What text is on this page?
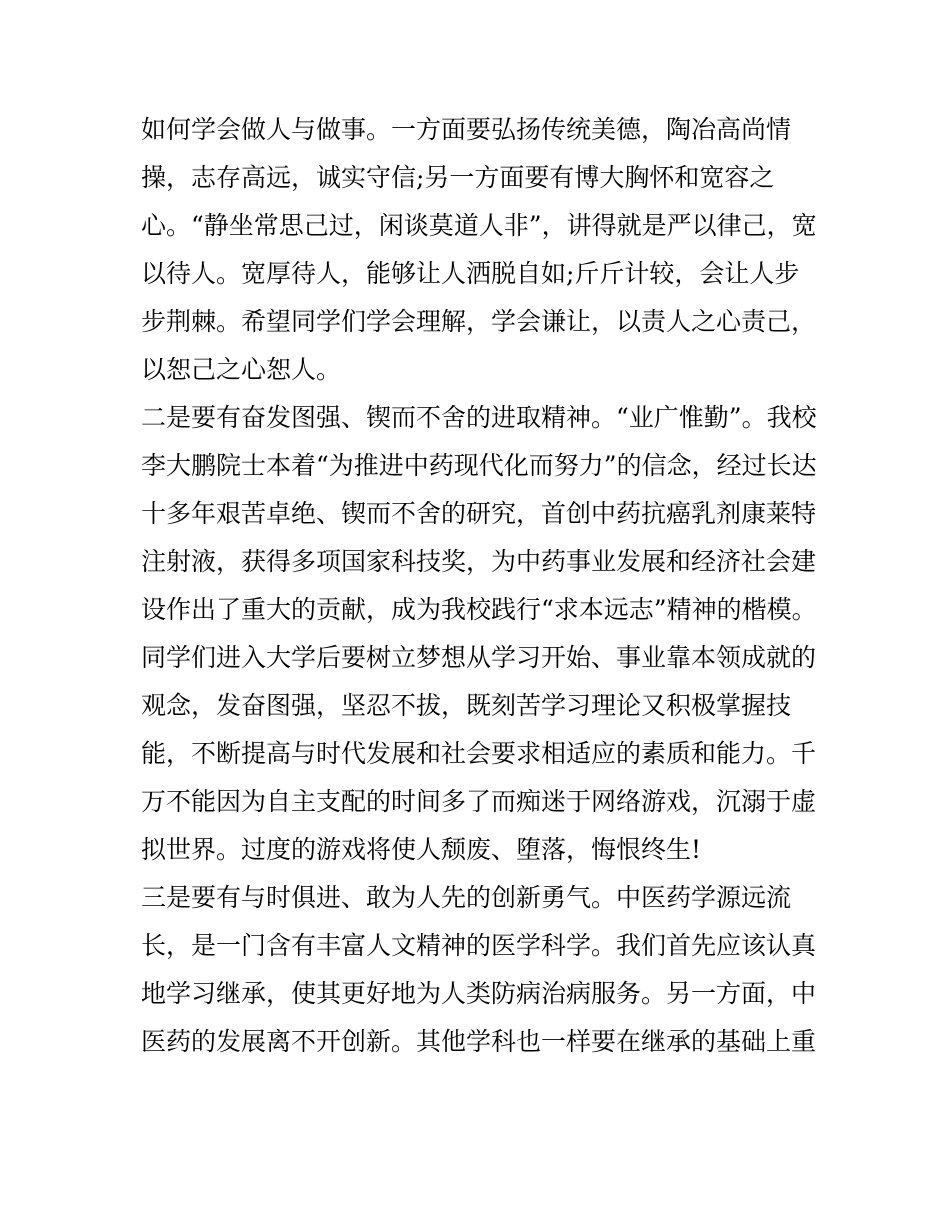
如何学会做人与做事。一方面要弘扬传统美德，陶冶高尚情
操，志存高远，诚实守信;另一方面要有博大胸怀和宽容之
心。“静坐常思己过，闲谈莫道人非”，讲得就是严以律己，宽
以待人。宽厚待人，能够让人洒脱自如;斤斤计较，会让人步
步荆棘。希望同学们学会理解，学会谦让，以责人之心责己，
以恕己之心恕人。
二是要有奋发图强、锲而不舍的进取精神。“业广惟勤”。我校
李大鹏院士本着“为推进中药现代化而努力”的信念，经过长达
十多年艰苦卓绝、锲而不舍的研究，首创中药抗癌乳剂康莱特
注射液，获得多项国家科技奖，为中药事业发展和经济社会建
设作出了重大的贡献，成为我校践行“求本远志”精神的楷模。
同学们进入大学后要树立梦想从学习开始、事业靠本领成就的
观念，发奋图强，坚忍不拔，既刻苦学习理论又积极掌握技
能，不断提高与时代发展和社会要求相适应的素质和能力。千
万不能因为自主支配的时间多了而痴迷于网络游戏，沉溺于虚
拟世界。过度的游戏将使人颓废、堕落，悔恨终生!
三是要有与时俱进、敢为人先的创新勇气。中医药学源远流
长，是一门含有丰富人文精神的医学科学。我们首先应该认真
地学习继承，使其更好地为人类防病治病服务。另一方面，中
医药的发展离不开创新。其他学科也一样要在继承的基础上重
